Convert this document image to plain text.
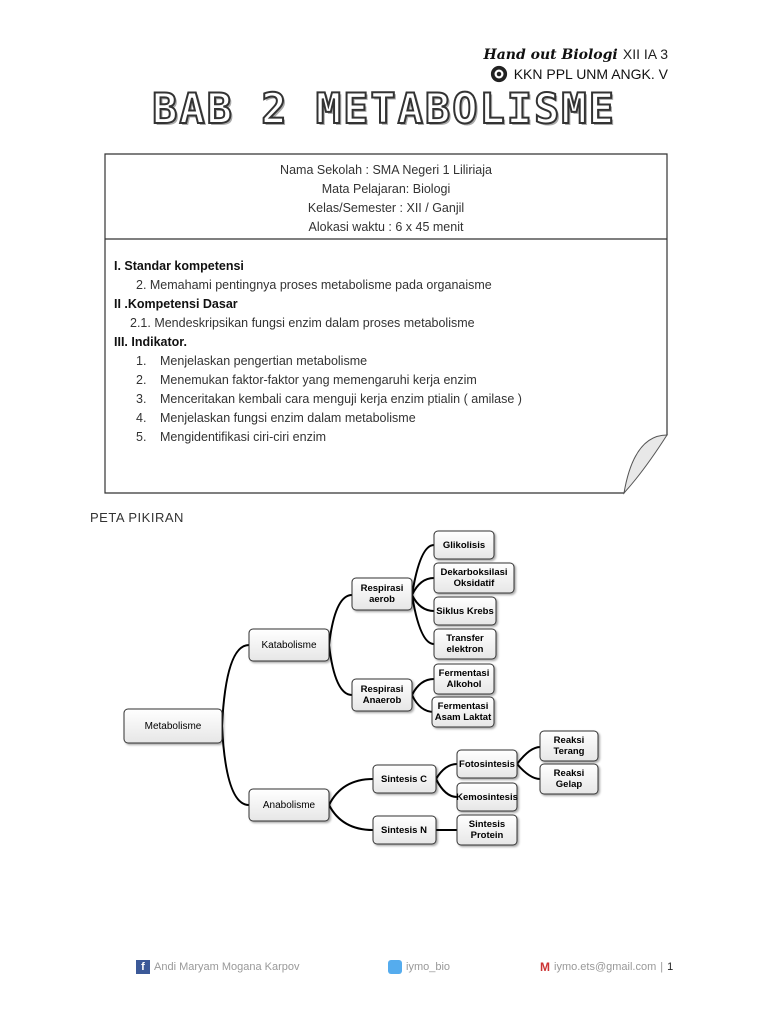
Hand out Biologi XII IA 3
KKN PPL UNM ANGK. V
BAB 2 METABOLISME
Nama Sekolah : SMA Negeri 1 Liliriaja
Mata Pelajaran: Biologi
Kelas/Semester : XII / Ganjil
Alokasi waktu : 6 x 45 menit
I. Standar kompetensi
2. Memahami pentingnya proses metabolisme pada organaisme
II .Kompetensi Dasar
2.1. Mendeskripsikan fungsi enzim dalam proses metabolisme
III. Indikator.
1. Menjelaskan pengertian metabolisme
2. Menemukan faktor-faktor yang memengaruhi kerja enzim
3. Menceritakan kembali cara menguji kerja enzim ptialin ( amilase )
4. Menjelaskan fungsi enzim dalam metabolisme
5. Mengidentifikasi ciri-ciri enzim
PETA PIKIRAN
Metabolisme
Katabolisme
Anabolisme
Respirasi
aerob
Respirasi
Anaerob
Glikolisis
Dekarboksilasi
Oksidatif
Siklus Krebs
Transfer
elektron
Fermentasi
Alkohol
Fermentasi
Asam Laktat
Sintesis C
Sintesis N
Fotosintesis
Kemosintesis
Sintesis
Protein
Reaksi
Terang
Reaksi
Gelap
f Andi Maryam Mogana Karpov	iymo_bio	M iymo.ets@gmail.com | 1
